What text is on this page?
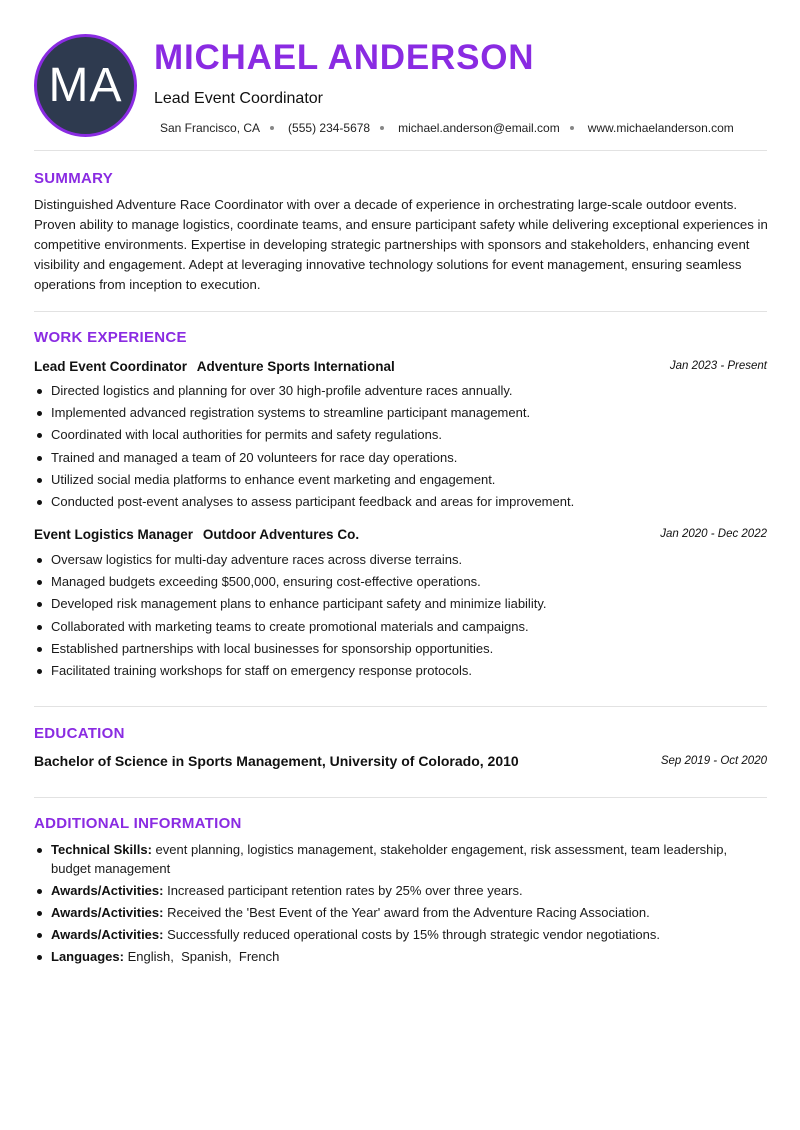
MA
MICHAEL ANDERSON
Lead Event Coordinator
San Francisco, CA (555) 234-5678 michael.anderson@email.com www.michaelanderson.com
SUMMARY

Distinguished Adventure Race Coordinator with over a decade of experience in orchestrating large-scale outdoor events. Proven ability to manage logistics, coordinate teams, and ensure participant safety while delivering exceptional experiences in competitive environments. Expertise in developing strategic partnerships with sponsors and stakeholders, enhancing event visibility and engagement. Adept at leveraging innovative technology solutions for event management, ensuring seamless operations from inception to execution.

WORK EXPERIENCE
Lead Event Coordinator Adventure Sports International	Jan 2023 - Present
Directed logistics and planning for over 30 high-profile adventure races annually.
Implemented advanced registration systems to streamline participant management.
Coordinated with local authorities for permits and safety regulations.
Trained and managed a team of 20 volunteers for race day operations.
Utilized social media platforms to enhance event marketing and engagement.
Conducted post-event analyses to assess participant feedback and areas for improvement.
Event Logistics Manager Outdoor Adventures Co.	Jan 2020 - Dec 2022
Oversaw logistics for multi-day adventure races across diverse terrains.
Managed budgets exceeding $500,000, ensuring cost-effective operations.
Developed risk management plans to enhance participant safety and minimize liability.
Collaborated with marketing teams to create promotional materials and campaigns.
Established partnerships with local businesses for sponsorship opportunities.
Facilitated training workshops for staff on emergency response protocols.
EDUCATION
Bachelor of Science in Sports Management, University of Colorado, 2010	Sep 2019 - Oct 2020
ADDITIONAL INFORMATION
Technical Skills: event planning, logistics management, stakeholder engagement, risk assessment, team leadership, budget management
Awards/Activities: Increased participant retention rates by 25% over three years.
Awards/Activities: Received the 'Best Event of the Year' award from the Adventure Racing Association.
Awards/Activities: Successfully reduced operational costs by 15% through strategic vendor negotiations.
Languages: English,  Spanish,  French
